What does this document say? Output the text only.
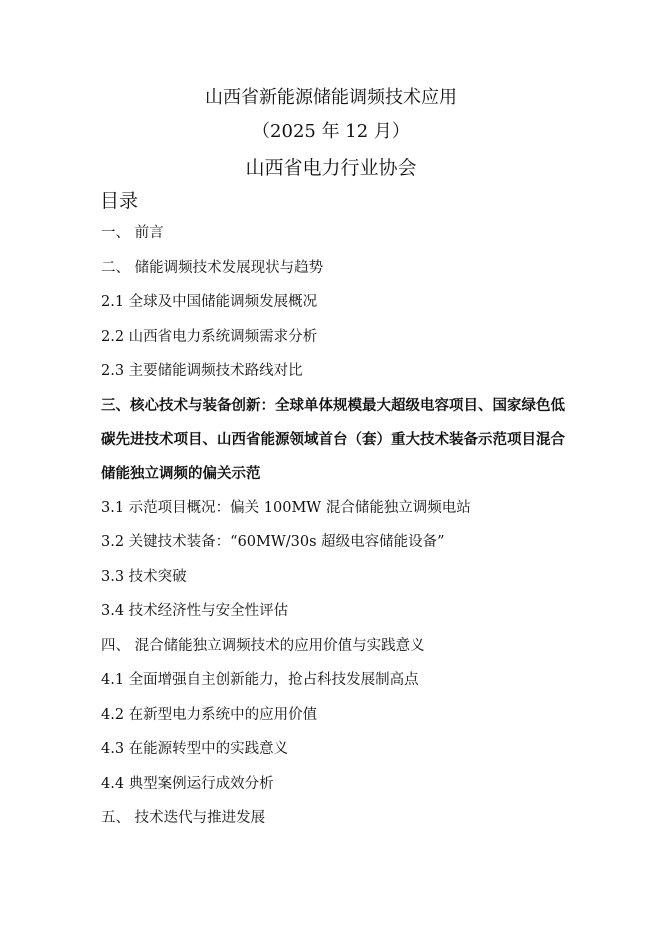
山西省新能源储能调频技术应用
（2025 年 12 月）
山西省电力行业协会
目录
一、 前言
二、 储能调频技术发展现状与趋势
2.1 全球及中国储能调频发展概况
2.2 山西省电力系统调频需求分析
2.3 主要储能调频技术路线对比
三、核心技术与装备创新：全球单体规模最大超级电容项目、国家绿色低碳先进技术项目、山西省能源领域首台（套）重大技术装备示范项目混合储能独立调频的偏关示范
3.1 示范项目概况：偏关 100MW 混合储能独立调频电站
3.2 关键技术装备：“60MW/30s 超级电容储能设备”
3.3 技术突破
3.4 技术经济性与安全性评估
四、 混合储能独立调频技术的应用价值与实践意义
4.1 全面增强自主创新能力，抢占科技发展制高点
4.2 在新型电力系统中的应用价值
4.3 在能源转型中的实践意义
4.4 典型案例运行成效分析
五、 技术迭代与推进发展
